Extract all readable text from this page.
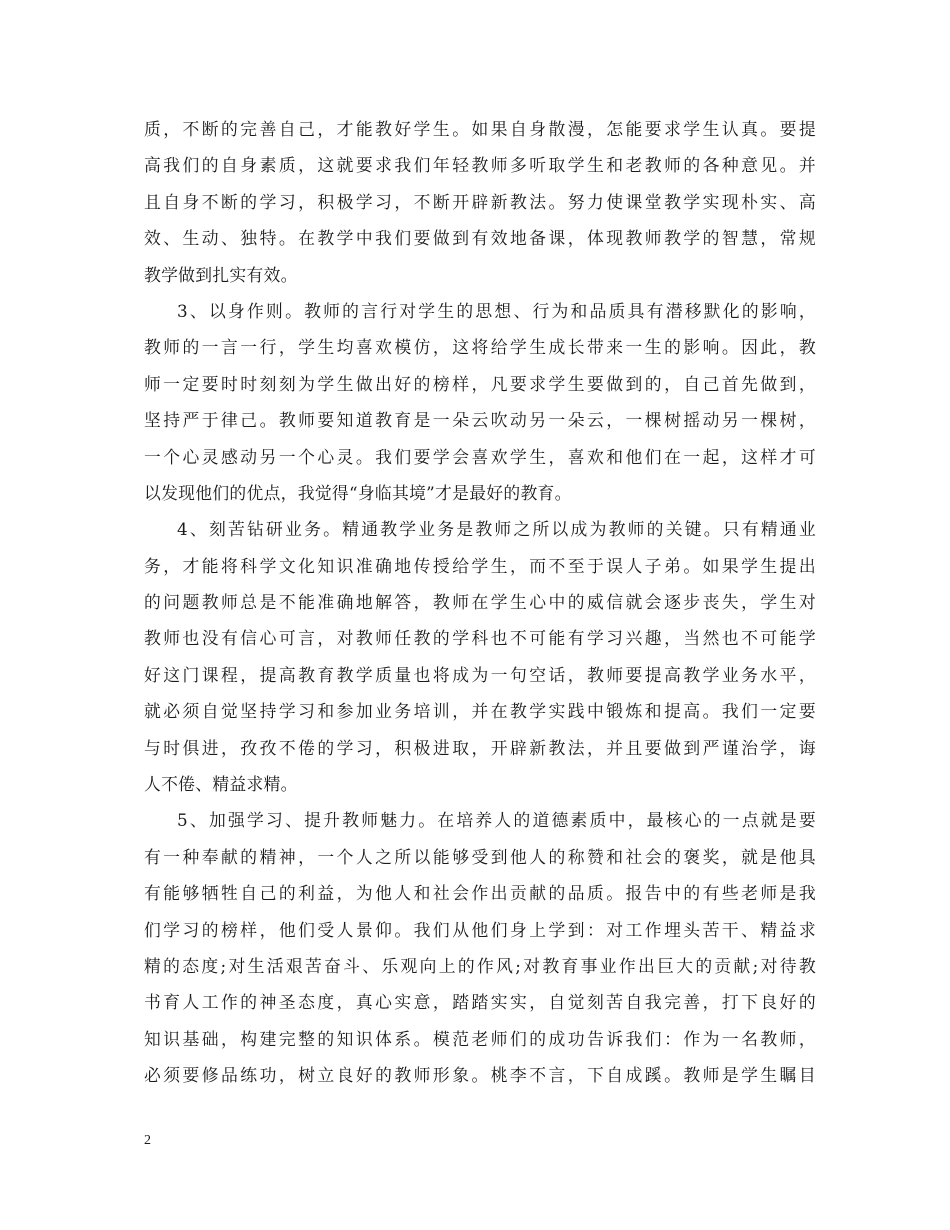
质，不断的完善自己，才能教好学生。如果自身散漫，怎能要求学生认真。要提
高我们的自身素质，这就要求我们年轻教师多听取学生和老教师的各种意见。并
且自身不断的学习，积极学习，不断开辟新教法。努力使课堂教学实现朴实、高
效、生动、独特。在教学中我们要做到有效地备课，体现教师教学的智慧，常规
教学做到扎实有效。
3、以身作则。教师的言行对学生的思想、行为和品质具有潜移默化的影响，
教师的一言一行，学生均喜欢模仿，这将给学生成长带来一生的影响。因此，教
师一定要时时刻刻为学生做出好的榜样，凡要求学生要做到的，自己首先做到，
坚持严于律己。教师要知道教育是一朵云吹动另一朵云，一棵树摇动另一棵树，
一个心灵感动另一个心灵。我们要学会喜欢学生，喜欢和他们在一起，这样才可
以发现他们的优点，我觉得“身临其境”才是最好的教育。
4、刻苦钻研业务。精通教学业务是教师之所以成为教师的关键。只有精通业
务，才能将科学文化知识准确地传授给学生，而不至于误人子弟。如果学生提出
的问题教师总是不能准确地解答，教师在学生心中的威信就会逐步丧失，学生对
教师也没有信心可言，对教师任教的学科也不可能有学习兴趣，当然也不可能学
好这门课程，提高教育教学质量也将成为一句空话，教师要提高教学业务水平，
就必须自觉坚持学习和参加业务培训，并在教学实践中锻炼和提高。我们一定要
与时俱进，孜孜不倦的学习，积极进取，开辟新教法，并且要做到严谨治学，诲
人不倦、精益求精。
5、加强学习、提升教师魅力。在培养人的道德素质中，最核心的一点就是要
有一种奉献的精神，一个人之所以能够受到他人的称赞和社会的褒奖，就是他具
有能够牺牲自己的利益，为他人和社会作出贡献的品质。报告中的有些老师是我
们学习的榜样，他们受人景仰。我们从他们身上学到：对工作埋头苦干、精益求
精的态度;对生活艰苦奋斗、乐观向上的作风;对教育事业作出巨大的贡献;对待教
书育人工作的神圣态度，真心实意，踏踏实实，自觉刻苦自我完善，打下良好的
知识基础，构建完整的知识体系。模范老师们的成功告诉我们：作为一名教师，
必须要修品练功，树立良好的教师形象。桃李不言，下自成蹊。教师是学生瞩目
2
